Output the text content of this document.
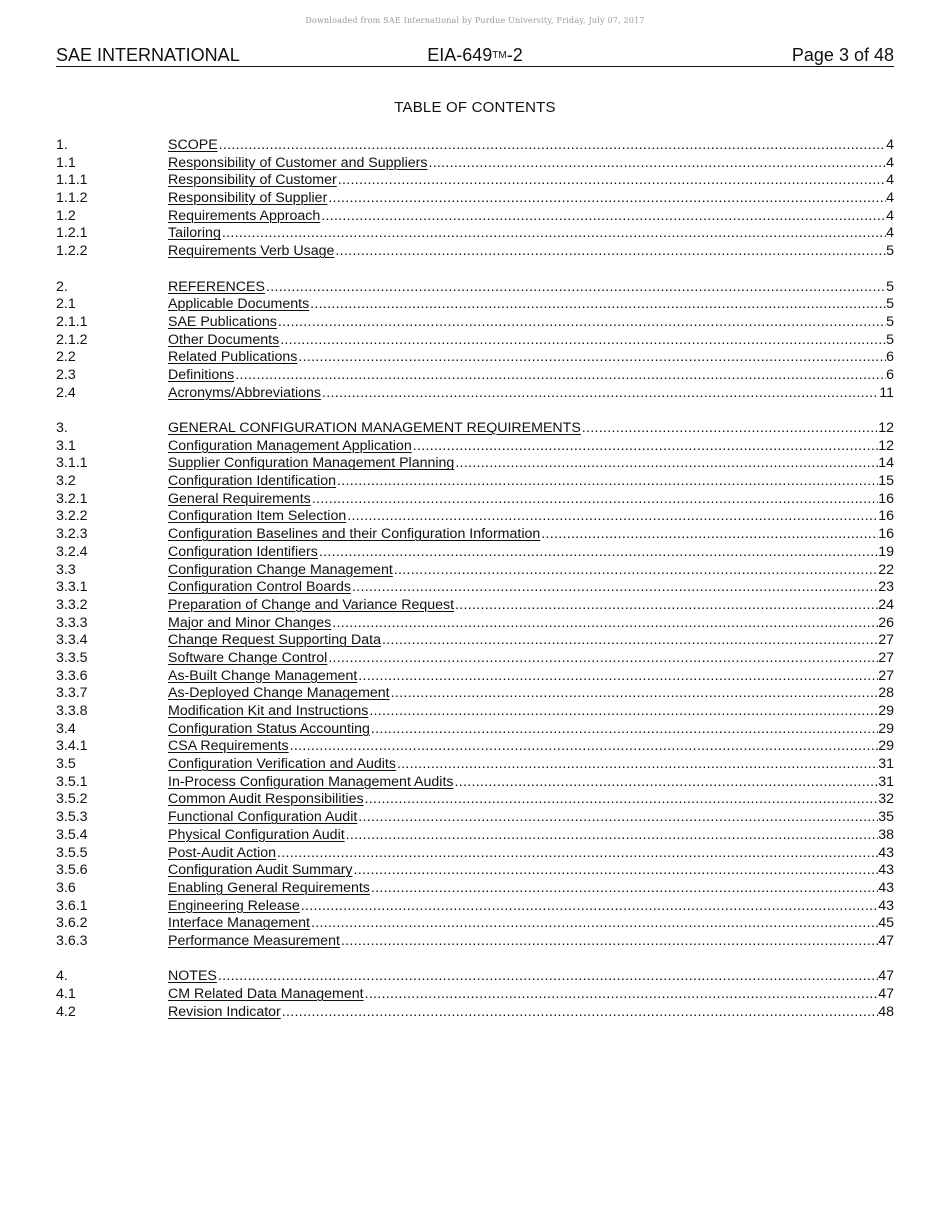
Downloaded from SAE International by Purdue University, Friday, July 07, 2017
SAE INTERNATIONAL	EIA-649TM-2	Page 3 of 48
TABLE OF CONTENTS
1.	SCOPE .....	4
1.1	Responsibility of Customer and Suppliers .....	4
1.1.1	Responsibility of Customer .....	4
1.1.2	Responsibility of Supplier .....	4
1.2	Requirements Approach .....	4
1.2.1	Tailoring .....	4
1.2.2	Requirements Verb Usage .....	5
2.	REFERENCES .....	5
2.1	Applicable Documents .....	5
2.1.1	SAE Publications .....	5
2.1.2	Other Documents .....	5
2.2	Related Publications .....	6
2.3	Definitions .....	6
2.4	Acronyms/Abbreviations .....	11
3.	GENERAL CONFIGURATION MANAGEMENT REQUIREMENTS .....	12
3.1	Configuration Management Application .....	12
3.1.1	Supplier Configuration Management Planning .....	14
3.2	Configuration Identification .....	15
3.2.1	General Requirements .....	16
3.2.2	Configuration Item Selection .....	16
3.2.3	Configuration Baselines and their Configuration Information .....	16
3.2.4	Configuration Identifiers .....	19
3.3	Configuration Change Management .....	22
3.3.1	Configuration Control Boards .....	23
3.3.2	Preparation of Change and Variance Request .....	24
3.3.3	Major and Minor Changes .....	26
3.3.4	Change Request Supporting Data .....	27
3.3.5	Software Change Control .....	27
3.3.6	As-Built Change Management .....	27
3.3.7	As-Deployed Change Management .....	28
3.3.8	Modification Kit and Instructions .....	29
3.4	Configuration Status Accounting .....	29
3.4.1	CSA Requirements .....	29
3.5	Configuration Verification and Audits .....	31
3.5.1	In-Process Configuration Management Audits .....	31
3.5.2	Common Audit Responsibilities .....	32
3.5.3	Functional Configuration Audit .....	35
3.5.4	Physical Configuration Audit .....	38
3.5.5	Post-Audit Action .....	43
3.5.6	Configuration Audit Summary .....	43
3.6	Enabling General Requirements .....	43
3.6.1	Engineering Release .....	43
3.6.2	Interface Management .....	45
3.6.3	Performance Measurement .....	47
4.	NOTES .....	47
4.1	CM Related Data Management .....	47
4.2	Revision Indicator .....	48
